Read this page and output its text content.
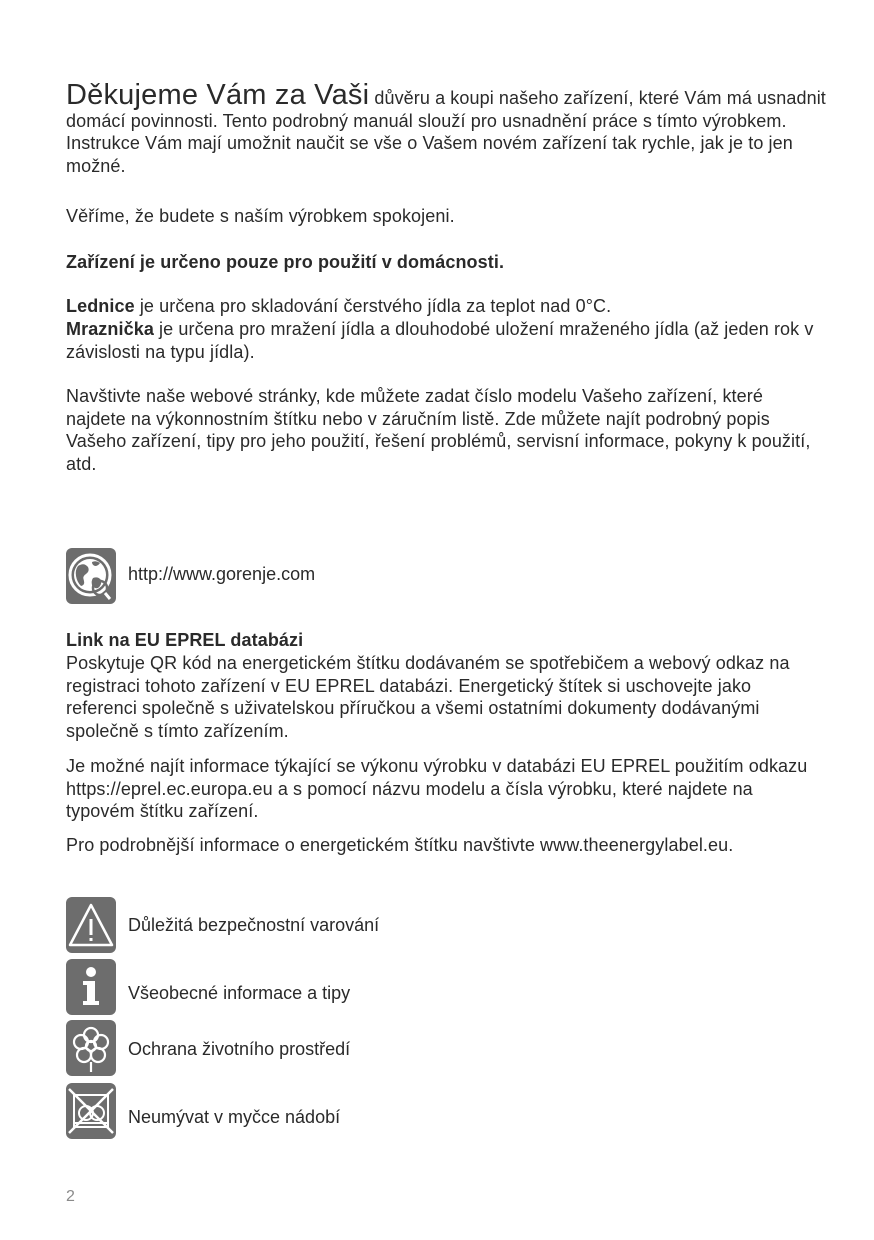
Děkujeme Vám za Vaši důvěru a koupi našeho zařízení, které Vám má usnadnit domácí povinnosti. Tento podrobný manuál slouží pro usnadnění práce s tímto výrobkem. Instrukce Vám mají umožnit naučit se vše o Vašem novém zařízení tak rychle, jak je to jen možné.

Věříme, že budete s naším výrobkem spokojeni.

Zařízení je určeno pouze pro použití v domácnosti.

Lednice je určena pro skladování čerstvého jídla za teplot nad 0°C.

Mraznička je určena pro mražení jídla a dlouhodobé uložení mraženého jídla (až jeden rok v závislosti na typu jídla).

Navštivte naše webové stránky, kde můžete zadat číslo modelu Vašeho zařízení, které najdete na výkonnostním štítku nebo v záručním listě. Zde můžete najít podrobný popis Vašeho zařízení, tipy pro jeho použití, řešení problémů, servisní informace, pokyny k použití, atd.

http://www.gorenje.com

Link na EU EPREL databázi

Poskytuje QR kód na energetickém štítku dodávaném se spotřebičem a webový odkaz na registraci tohoto zařízení v EU EPREL databázi. Energetický štítek si uschovejte jako referenci společně s uživatelskou příručkou a všemi ostatními dokumenty dodávanými společně s tímto zařízením.

Je možné najít informace týkající se výkonu výrobku v databázi EU EPREL použitím odkazu https://eprel.ec.europa.eu a s pomocí názvu modelu a čísla výrobku, které najdete na typovém štítku zařízení.

Pro podrobnější informace o energetickém štítku navštivte www.theenergylabel.eu.

Důležitá bezpečnostní varování
Všeobecné informace a tipy
Ochrana životního prostředí
Neumývat v myčce nádobí
2
